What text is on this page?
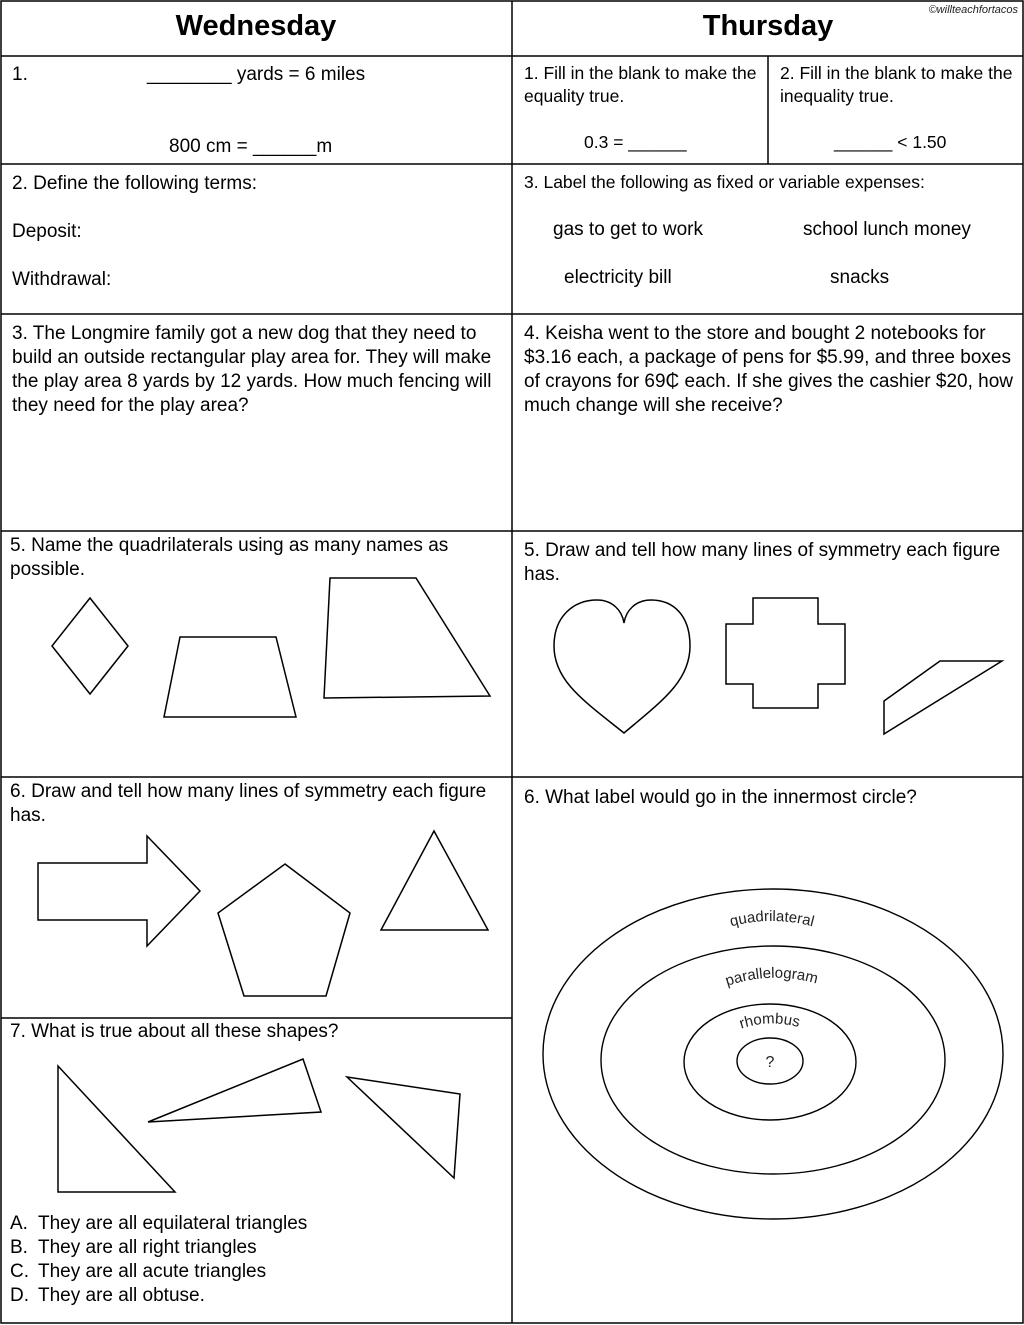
Wednesday	Thursday	©willteachfortacos
1.	________ yards = 6 miles
800 cm = ______m
1. Fill in the blank to make the equality true.
0.3 = ______
2. Fill in the blank to make the inequality true.
______ < 1.50
2. Define the following terms:
Deposit:
Withdrawal:
3. Label the following as fixed or variable expenses:
gas to get to work	school lunch money
electricity bill	snacks
3. The Longmire family got a new dog that they need to build an outside rectangular play area for. They will make the play area 8 yards by 12 yards. How much fencing will they need for the play area?
4. Keisha went to the store and bought 2 notebooks for $3.16 each, a package of pens for $5.99, and three boxes of crayons for 69₵ each. If she gives the cashier $20, how much change will she receive?
5. Name the quadrilaterals using as many names as possible.
5. Draw and tell how many lines of symmetry each figure has.
6. Draw and tell how many lines of symmetry each figure has.
7. What is true about all these shapes?
A. They are all equilateral triangles
B. They are all right triangles
C. They are all acute triangles
D. They are all obtuse.
6. What label would go in the innermost circle?
quadrilateral
parallelogram
rhombus
?
